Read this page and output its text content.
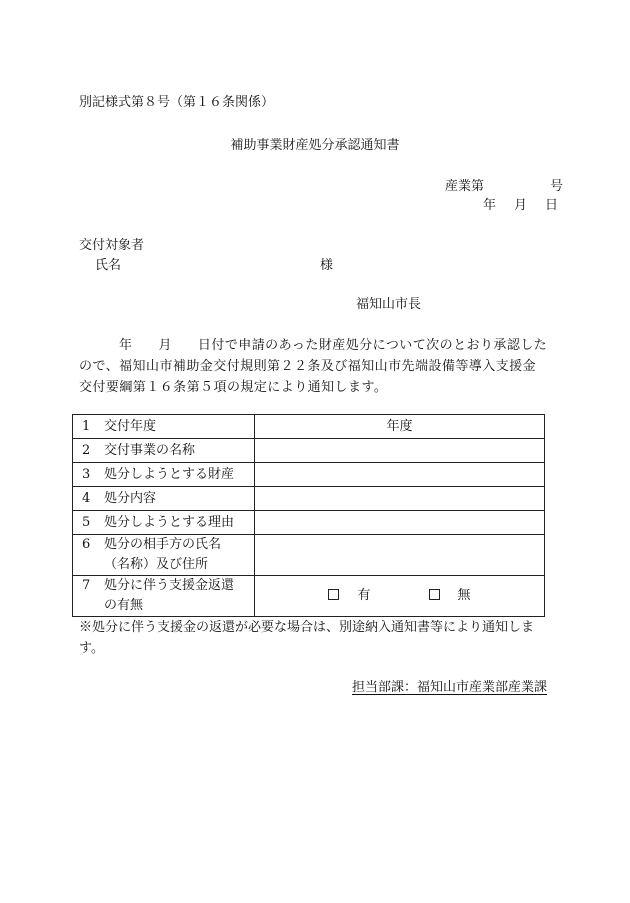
別記様式第８号（第１６条関係）
補助事業財産処分承認通知書
産業第	号
年 月 日
交付対象者
氏名	様
福知山市長
年 月 日付で申請のあった財産処分について次のとおり承認したので、福知山市補助金交付規則第２２条及び福知山市先端設備等導入支援金交付要綱第１６条第５項の規定により通知します。
1 交付年度	年度
2 交付事業の名称	
3 処分しようとする財産	
4 処分内容	
5 処分しようとする理由	

6 処分の相手方の氏名
（名称）及び住所	

7 処分に伴う支援金返還
の有無	有 無
※処分に伴う支援金の返還が必要な場合は、別途納入通知書等により通知します。
担当部課：福知山市産業部産業課
